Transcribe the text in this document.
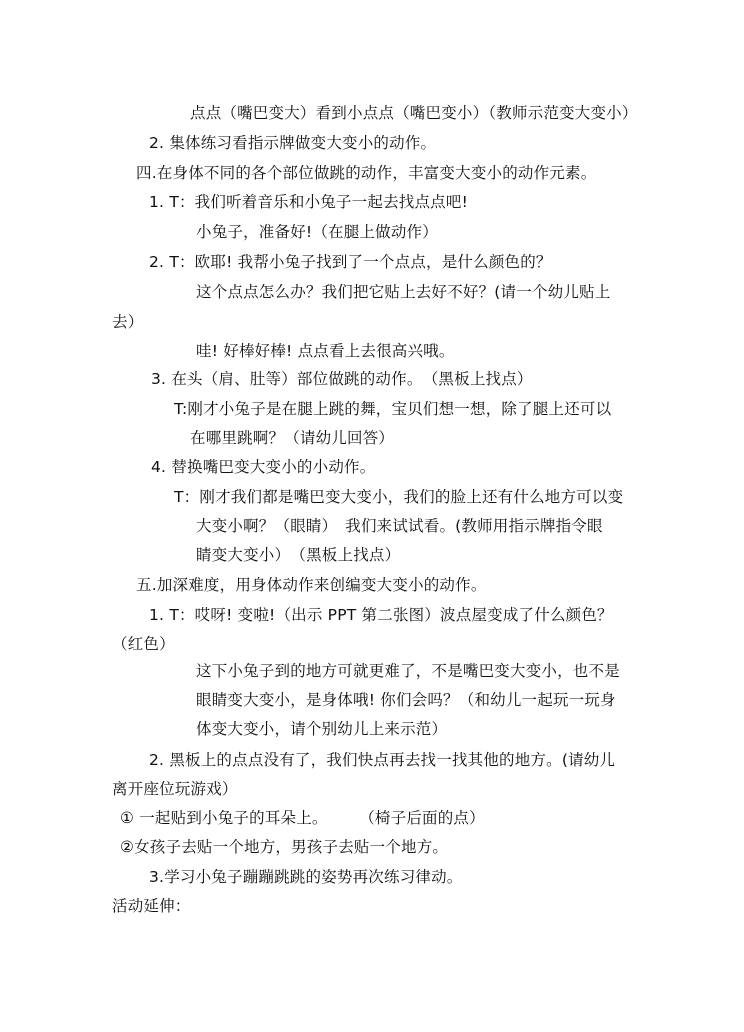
点点（嘴巴变大）看到小点点（嘴巴变小）（教师示范变大变小）
2. 集体练习看指示牌做变大变小的动作。
四.在身体不同的各个部位做跳的动作，丰富变大变小的动作元素。
1. T：我们听着音乐和小兔子一起去找点点吧!
小兔子，准备好!（在腿上做动作）
2. T：欧耶! 我帮小兔子找到了一个点点，是什么颜色的？
这个点点怎么办？我们把它贴上去好不好？(请一个幼儿贴上
去）
哇! 好棒好棒! 点点看上去很高兴哦。
3. 在头（肩、肚等）部位做跳的动作。　（黑板上找点）
T:刚才小兔子是在腿上跳的舞，宝贝们想一想，除了腿上还可以
在哪里跳啊？（请幼儿回答）
4. 替换嘴巴变大变小的小动作。
T：刚才我们都是嘴巴变大变小，我们的脸上还有什么地方可以变
大变小啊？（眼睛）　我们来试试看。(教师用指示牌指令眼
睛变大变小）　（黑板上找点）
五.加深难度，用身体动作来创编变大变小的动作。
1. T：哎呀! 变啦!（出示 PPT 第二张图）波点屋变成了什么颜色？
（红色）
这下小兔子到的地方可就更难了，不是嘴巴变大变小，也不是
眼睛变大变小，是身体哦! 你们会吗？（和幼儿一起玩一玩身
体变大变小，请个别幼儿上来示范）
2. 黑板上的点点没有了，我们快点再去找一找其他的地方。(请幼儿
离开座位玩游戏）
① 一起贴到小兔子的耳朵上。　　　（椅子后面的点）
②女孩子去贴一个地方，男孩子去贴一个地方。
3.学习小兔子蹦蹦跳跳的姿势再次练习律动。
活动延伸：
